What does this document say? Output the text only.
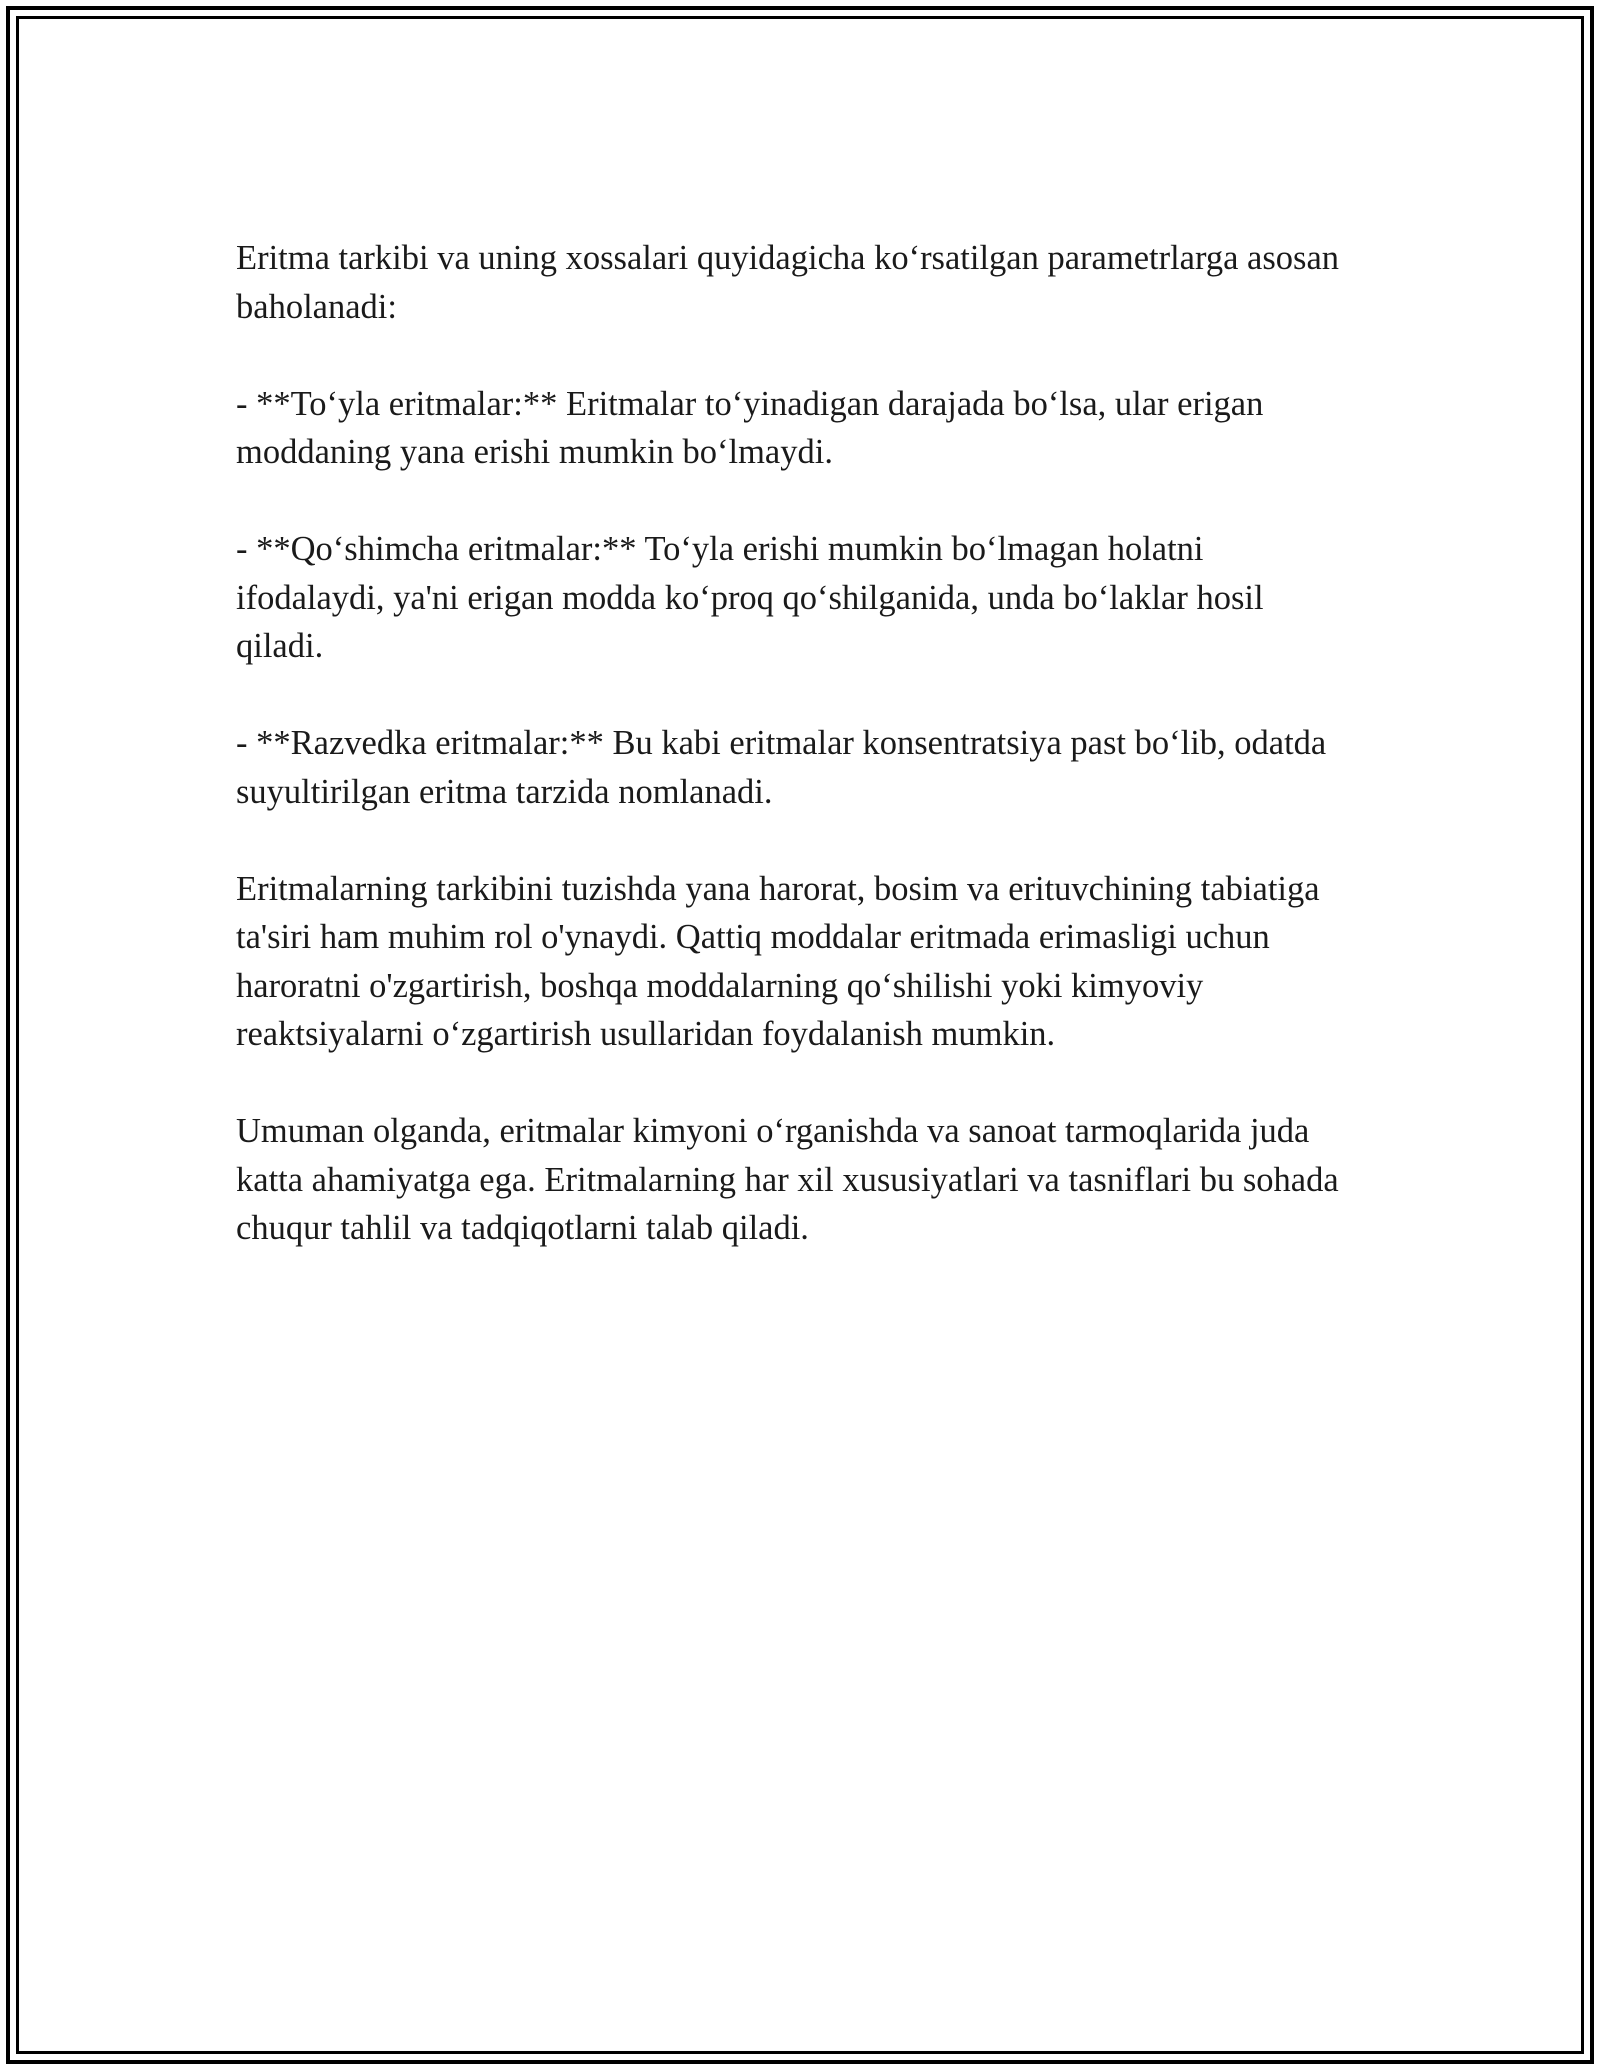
Eritma tarkibi va uning xossalari quyidagicha koʻrsatilgan parametrlarga asosan baholanadi:

- **Toʻyla eritmalar:** Eritmalar toʻyinadigan darajada boʻlsa, ular erigan moddaning yana erishi mumkin boʻlmaydi.

- **Qoʻshimcha eritmalar:** Toʻyla erishi mumkin boʻlmagan holatni ifodalaydi, ya'ni erigan modda koʻproq qoʻshilganida, unda boʻlaklar hosil qiladi.

- **Razvedka eritmalar:** Bu kabi eritmalar konsentratsiya past boʻlib, odatda suyultirilgan eritma tarzida nomlanadi.

Eritmalarning tarkibini tuzishda yana harorat, bosim va erituvchining tabiatiga ta'siri ham muhim rol o'ynaydi. Qattiq moddalar eritmada erimasligi uchun haroratni o'zgartirish, boshqa moddalarning qoʻshilishi yoki kimyoviy reaktsiyalarni oʻzgartirish usullaridan foydalanish mumkin.

Umuman olganda, eritmalar kimyoni oʻrganishda va sanoat tarmoqlarida juda katta ahamiyatga ega. Eritmalarning har xil xususiyatlari va tasniflari bu sohada chuqur tahlil va tadqiqotlarni talab qiladi.
